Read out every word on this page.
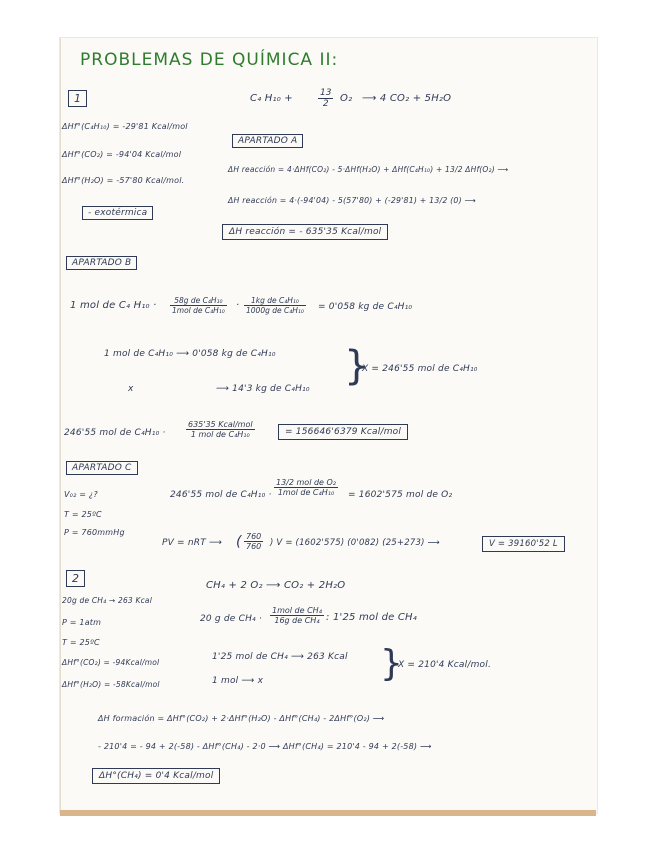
PROBLEMAS DE QUÍMICA II:
1	C₄ H₁₀ +	$\frac{13}{2} O_2$ ⟶ 4 CO₂ + 5H₂O
ΔHf°(C₄H₁₀) = -29'81 Kcal/mol
ΔHf°(CO₂) = -94'04 Kcal/mol
ΔHf°(H₂O) = -57'80 Kcal/mol.
- exotérmica
APARTADO A
ΔH reacción = 4·ΔHf(CO₂) - 5·ΔHf(H₂O) + ΔHf(C₄H₁₀) + 13/2 ΔHf(O₂) ⟶
ΔH reacción = 4·(-94'04) - 5(57'80) + (-29'81) + 13/2 (0) ⟶
ΔH reacción = - 635'35 Kcal/mol
APARTADO B
1 mol de C₄ H₁₀ ·	58g de C₄H₁₀
1mol de $C_4H_{10} \cdot \frac{\text{1kg de C₄H₁₀}}{\text{1000g de C₄H₁₀}} = 0'058$ kg de C₄H₁₀
1 mol de C₄H₁₀ ⟶ 0'058 kg de C₄H₁₀
x	⟶ 14'3 kg de C₄H₁₀ }
X = 246'55 mol de C₄H₁₀
246'55 mol de C₄H₁₀ ·
635'35 Kcal/mol
1 mol de C₄H₁₀	= 156646'6379 Kcal/mol
APARTADO C
V₀₂ = ¿?
T = 25ºC
P = 760mmHg
246'55 mol de C₄H₁₀ ·
13/2 mol de O₂
1mol de C₄H₁₀	= 1602'575 mol de O₂
PV = nRT ⟶ ( $\frac{760}{760}$ ) V = (1602'575) (0'082) (25+273) ⟶	V = 39160'52 L
2
CH₄ + 2 O₂ ⟶ CO₂ + 2H₂O
20g de CH₄ → 263 Kcal
P = 1atm
T = 25ºC
ΔHf°(CO₂) = -94Kcal/mol
ΔHf°(H₂O) = -58Kcal/mol
20 g de CH₄ ·
1mol de CH₄
16g de CH₄ : 1'25 mol de CH₄
1'25 mol de CH₄ ⟶ 263 Kcal
1 mol ⟶ x	}
X = 210'4 Kcal/mol.
ΔH formación = ΔHf°(CO₂) + 2·ΔHf°(H₂O) - ΔHf°(CH₄) - 2ΔHf°(O₂) ⟶
- 210'4 = - 94 + 2(-58) - ΔHf°(CH₄) - 2·0 ⟶ ΔHf°(CH₄) = 210'4 - 94 + 2(-58) ⟶
ΔH°(CH₄) = 0'4 Kcal/mol
